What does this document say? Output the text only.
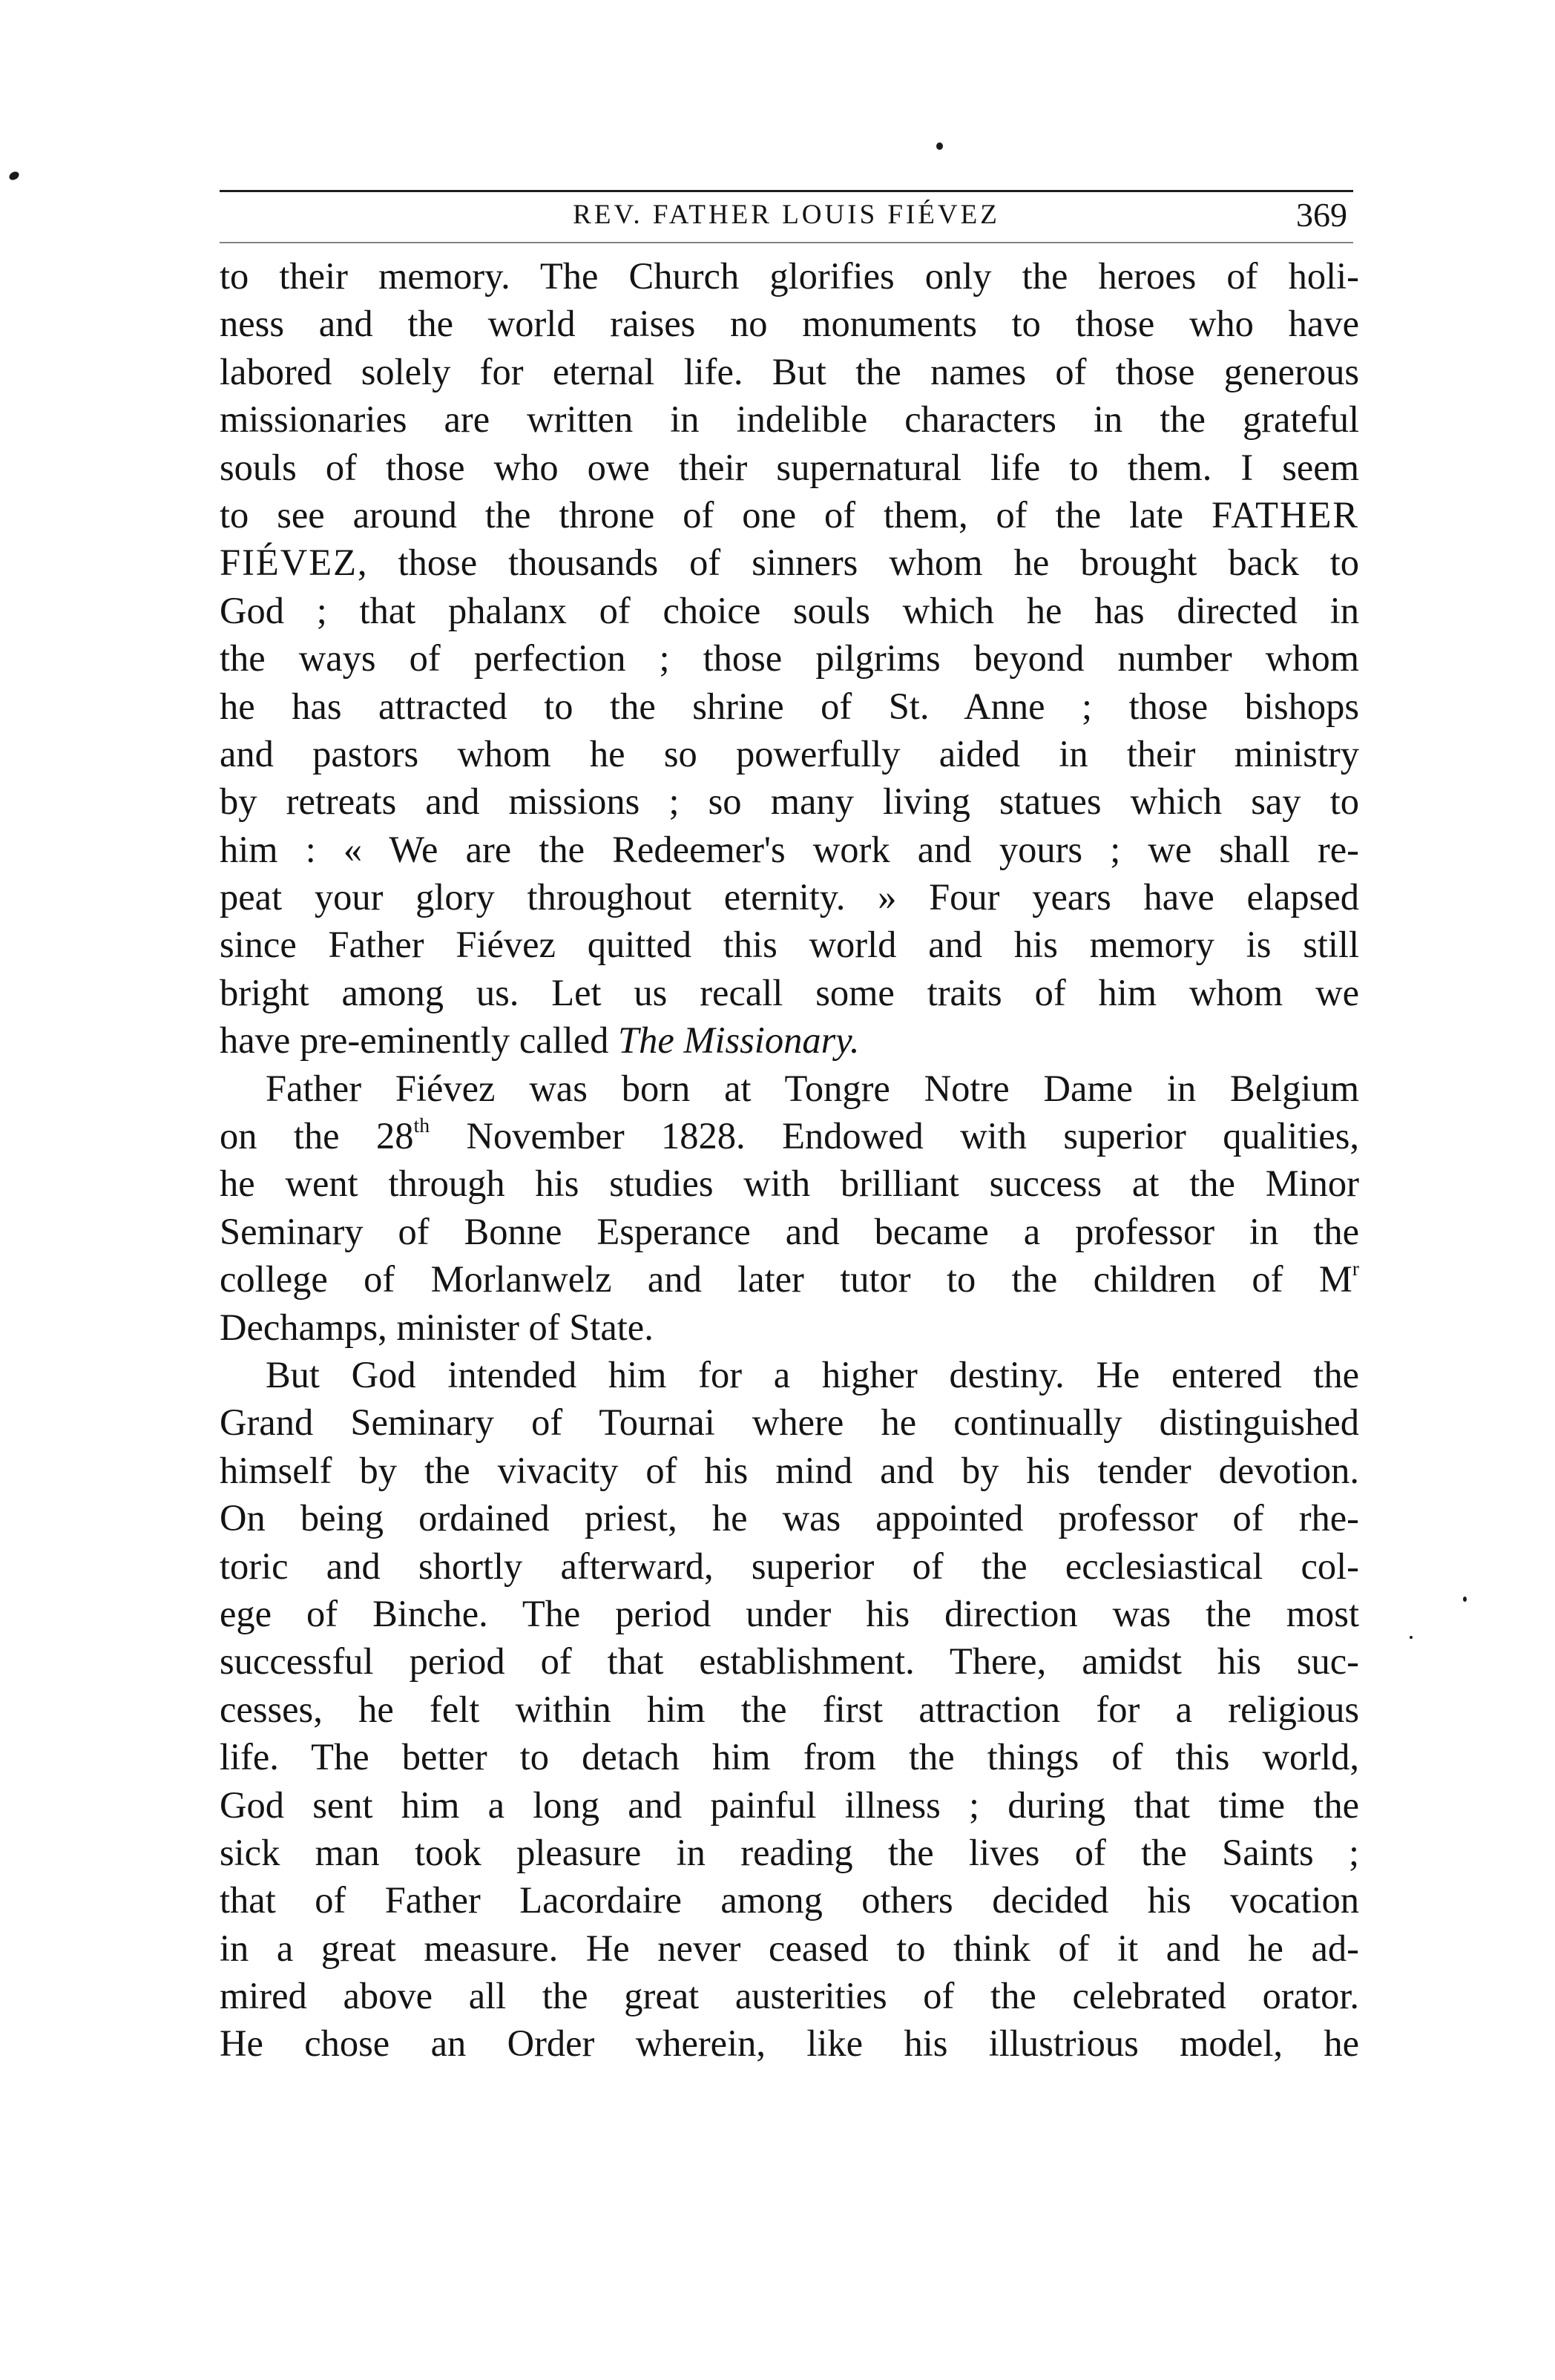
REV. FATHER LOUIS FIÉVEZ	369
to their memory. The Church glorifies only the heroes of holi-
ness and the world raises no monuments to those who have
labored solely for eternal life. But the names of those generous
missionaries are written in indelible characters in the grateful
souls of those who owe their supernatural life to them. I seem
to see around the throne of one of them, of the late FATHER
FIÉVEZ, those thousands of sinners whom he brought back to
God ; that phalanx of choice souls which he has directed in
the ways of perfection ; those pilgrims beyond number whom
he has attracted to the shrine of St. Anne ; those bishops
and pastors whom he so powerfully aided in their ministry
by retreats and missions ; so many living statues which say to
him : « We are the Redeemer's work and yours ; we shall re-
peat your glory throughout eternity. » Four years have elapsed
since Father Fiévez quitted this world and his memory is still
bright among us. Let us recall some traits of him whom we
have pre-eminently called The Missionary.
Father Fiévez was born at Tongre Notre Dame in Belgium
on the 28th November 1828. Endowed with superior qualities,
he went through his studies with brilliant success at the Minor
Seminary of Bonne Esperance and became a professor in the
college of Morlanwelz and later tutor to the children of $M^r$
Dechamps, minister of State.
But God intended him for a higher destiny. He entered the
Grand Seminary of Tournai where he continually distinguished
himself by the vivacity of his mind and by his tender devotion.
On being ordained priest, he was appointed professor of rhe-
toric and shortly afterward, superior of the ecclesiastical col-
ege of Binche. The period under his direction was the most
successful period of that establishment. There, amidst his suc-
cesses, he felt within him the first attraction for a religious
life. The better to detach him from the things of this world,
God sent him a long and painful illness ; during that time the
sick man took pleasure in reading the lives of the Saints ;
that of Father Lacordaire among others decided his vocation
in a great measure. He never ceased to think of it and he ad-
mired above all the great austerities of the celebrated orator.
He chose an Order wherein, like his illustrious model, he
